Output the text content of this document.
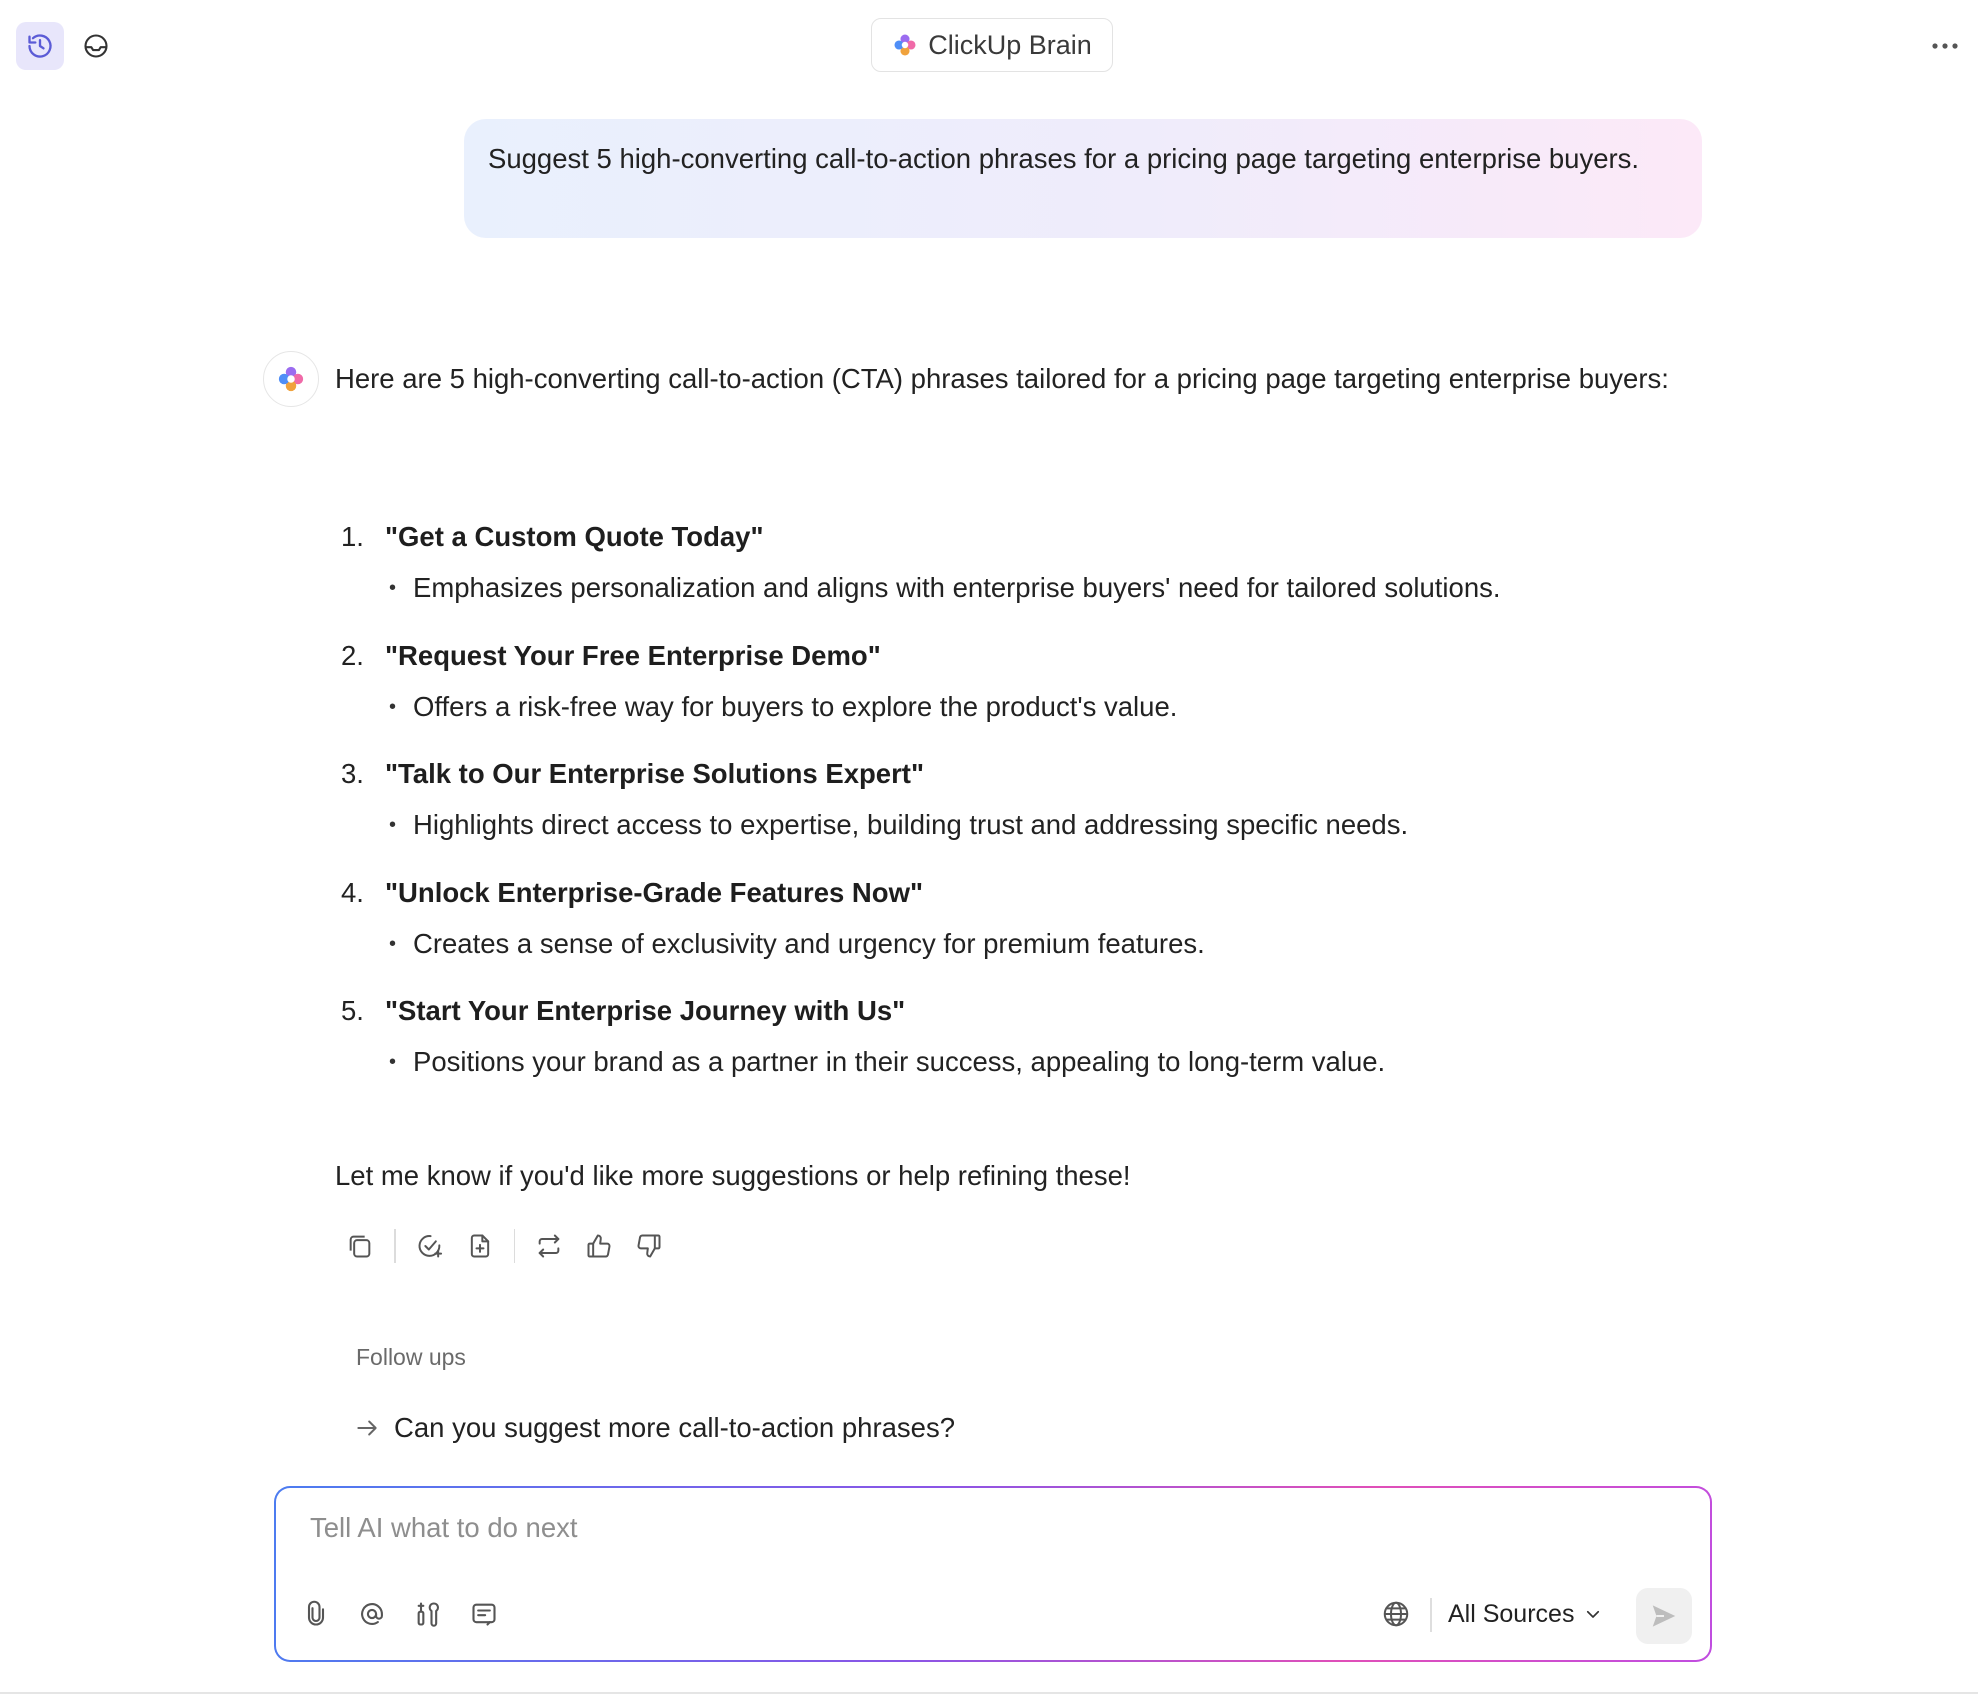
ClickUp Brain
Suggest 5 high-converting call-to-action phrases for a pricing page targeting enterprise buyers.
Here are 5 high-converting call-to-action (CTA) phrases tailored for a pricing page targeting enterprise buyers:
1. "Get a Custom Quote Today"
• Emphasizes personalization and aligns with enterprise buyers' need for tailored solutions.
2. "Request Your Free Enterprise Demo"
• Offers a risk-free way for buyers to explore the product's value.
3. "Talk to Our Enterprise Solutions Expert"
• Highlights direct access to expertise, building trust and addressing specific needs.
4. "Unlock Enterprise-Grade Features Now"
• Creates a sense of exclusivity and urgency for premium features.
5. "Start Your Enterprise Journey with Us"
• Positions your brand as a partner in their success, appealing to long-term value.
Let me know if you'd like more suggestions or help refining these!
Follow ups
Can you suggest more call-to-action phrases?
Tell AI what to do next
All Sources
